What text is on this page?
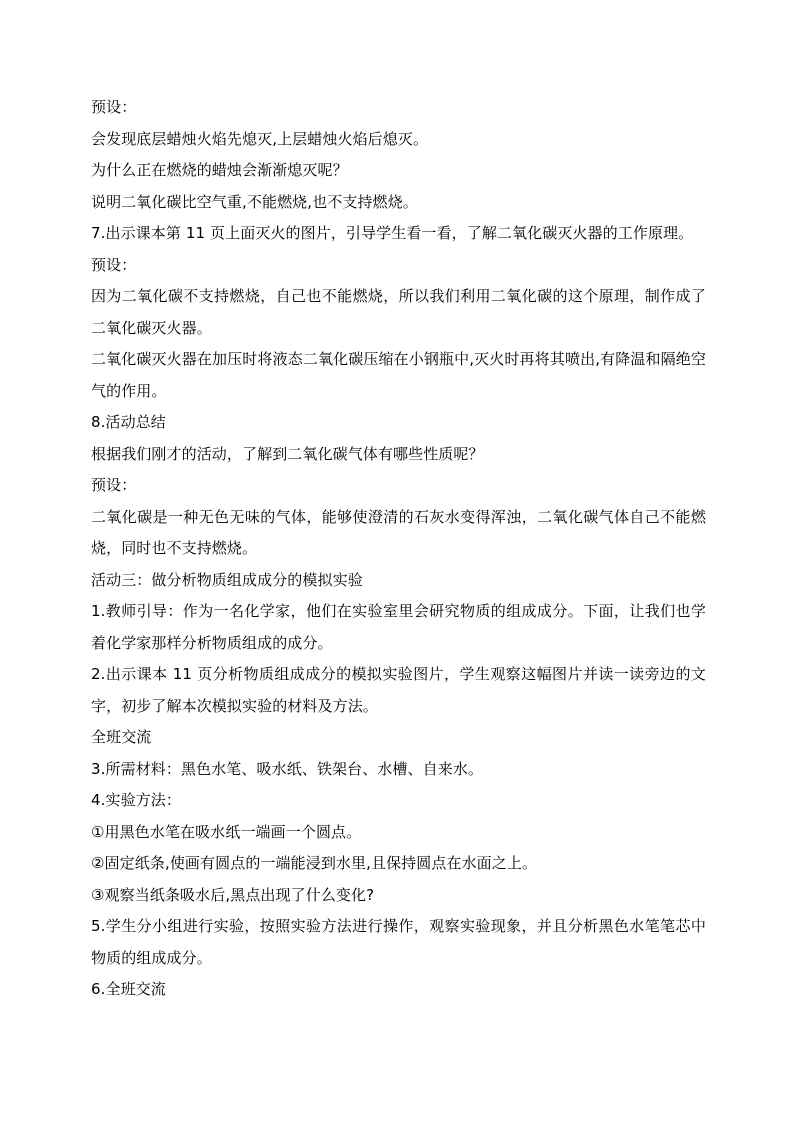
预设：
会发现底层蜡烛火焰先熄灭,上层蜡烛火焰后熄灭。
为什么正在燃烧的蜡烛会渐渐熄灭呢？
说明二氧化碳比空气重,不能燃烧,也不支持燃烧。
7.出示课本第 11 页上面灭火的图片，引导学生看一看，了解二氧化碳灭火器的工作原理。
预设：
因为二氧化碳不支持燃烧，自己也不能燃烧，所以我们利用二氧化碳的这个原理，制作成了二氧化碳灭火器。
二氧化碳灭火器在加压时将液态二氧化碳压缩在小钢瓶中,灭火时再将其喷出,有降温和隔绝空气的作用。
8.活动总结
根据我们刚才的活动，了解到二氧化碳气体有哪些性质呢？
预设：
二氧化碳是一种无色无味的气体，能够使澄清的石灰水变得浑浊，二氧化碳气体自己不能燃烧，同时也不支持燃烧。
活动三：做分析物质组成成分的模拟实验
1.教师引导：作为一名化学家，他们在实验室里会研究物质的组成成分。下面，让我们也学着化学家那样分析物质组成的成分。
2.出示课本 11 页分析物质组成成分的模拟实验图片，学生观察这幅图片并读一读旁边的文字，初步了解本次模拟实验的材料及方法。
全班交流
3.所需材料：黑色水笔、吸水纸、铁架台、水槽、自来水。
4.实验方法：
①用黑色水笔在吸水纸一端画一个圆点。
②固定纸条,使画有圆点的一端能浸到水里,且保持圆点在水面之上。
③观察当纸条吸水后,黑点出现了什么变化?
5.学生分小组进行实验，按照实验方法进行操作，观察实验现象，并且分析黑色水笔笔芯中物质的组成成分。
6.全班交流
